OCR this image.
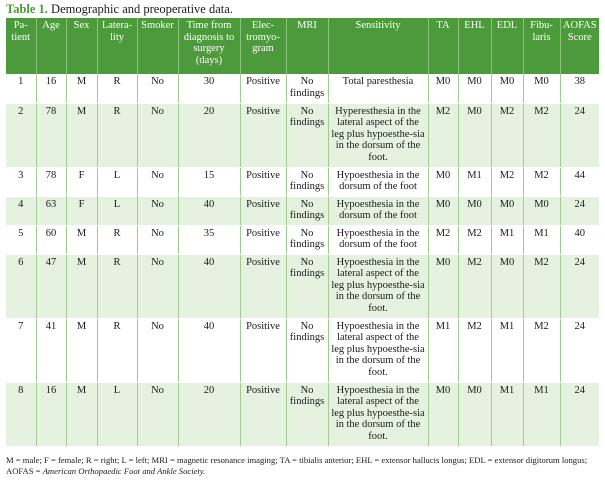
Table 1. Demographic and preoperative data.
Pa-tient	Age	Sex	Latera-lity	Smoker	Time from diagnosis to surgery (days)	Elec-tromyo-gram	MRI	Sensitivity	TA	EHL	EDL	Fibu-laris	AOFAS Score
1	16	M	R	No	30	Positive	No findings	Total paresthesia	M0	M0	M0	M0	38
2	78	M	R	No	20	Positive	No findings	Hyperesthesia in the lateral aspect of the leg plus hypoesthe-sia in the dorsum of the foot.	M2	M0	M2	M2	24
3	78	F	L	No	15	Positive	No findings	Hypoesthesia in the dorsum of the foot	M0	M1	M2	M2	44
4	63	F	L	No	40	Positive	No findings	Hypoesthesia in the dorsum of the foot	M0	M0	M0	M0	24
5	60	M	R	No	35	Positive	No findings	Hypoesthesia in the dorsum of the foot	M2	M2	M1	M1	40
6	47	M	R	No	40	Positive	No findings	Hypoesthesia in the lateral aspect of the leg plus hypoesthe-sia in the dorsum of the foot.	M0	M2	M0	M2	24
7	41	M	R	No	40	Positive	No findings	Hypoesthesia in the lateral aspect of the leg plus hypoesthe-sia in the dorsum of the foot.	M1	M2	M1	M2	24
8	16	M	L	No	20	Positive	No findings	Hypoesthesia in the lateral aspect of the leg plus hypoesthe-sia in the dorsum of the foot.	M0	M0	M1	M1	24
M = male; F = female; R = right; L = left; MRI = magnetic resonance imaging; TA = tibialis anterior; EHL = extensor hallucis longus; EDL = extensor digitorum longus; AOFAS = American Orthopaedic Foot and Ankle Society.
